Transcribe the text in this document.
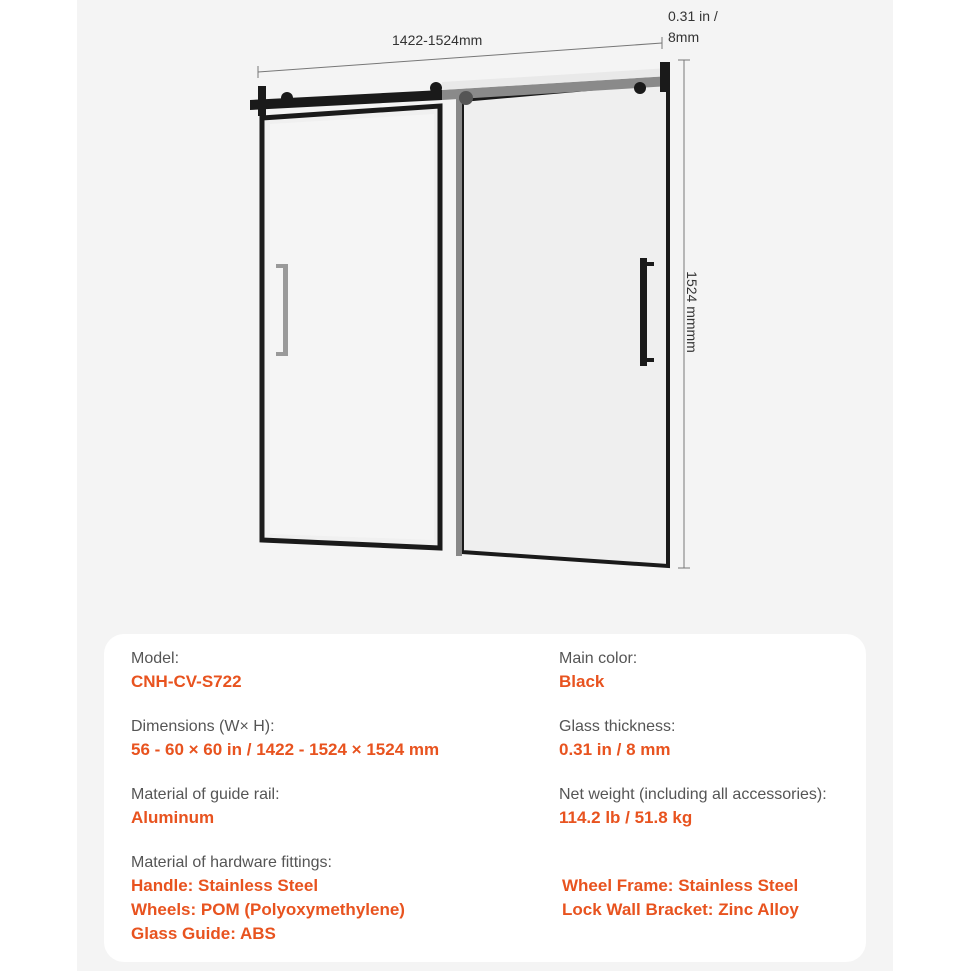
1422-1524mm
0.31 in /
8mm
1524 mmmm
Model:
CNH-CV-S722
Main color:
Black
Dimensions (W× H):
56 - 60 × 60 in / 1422 - 1524 × 1524 mm
Glass thickness:
0.31 in / 8 mm
Material of guide rail:
Aluminum
Net weight (including all accessories):
114.2 lb / 51.8 kg
Material of hardware fittings:
Handle: Stainless Steel
Wheels: POM (Polyoxymethylene)
Glass Guide: ABS
Wheel Frame: Stainless Steel
Lock Wall Bracket: Zinc Alloy
